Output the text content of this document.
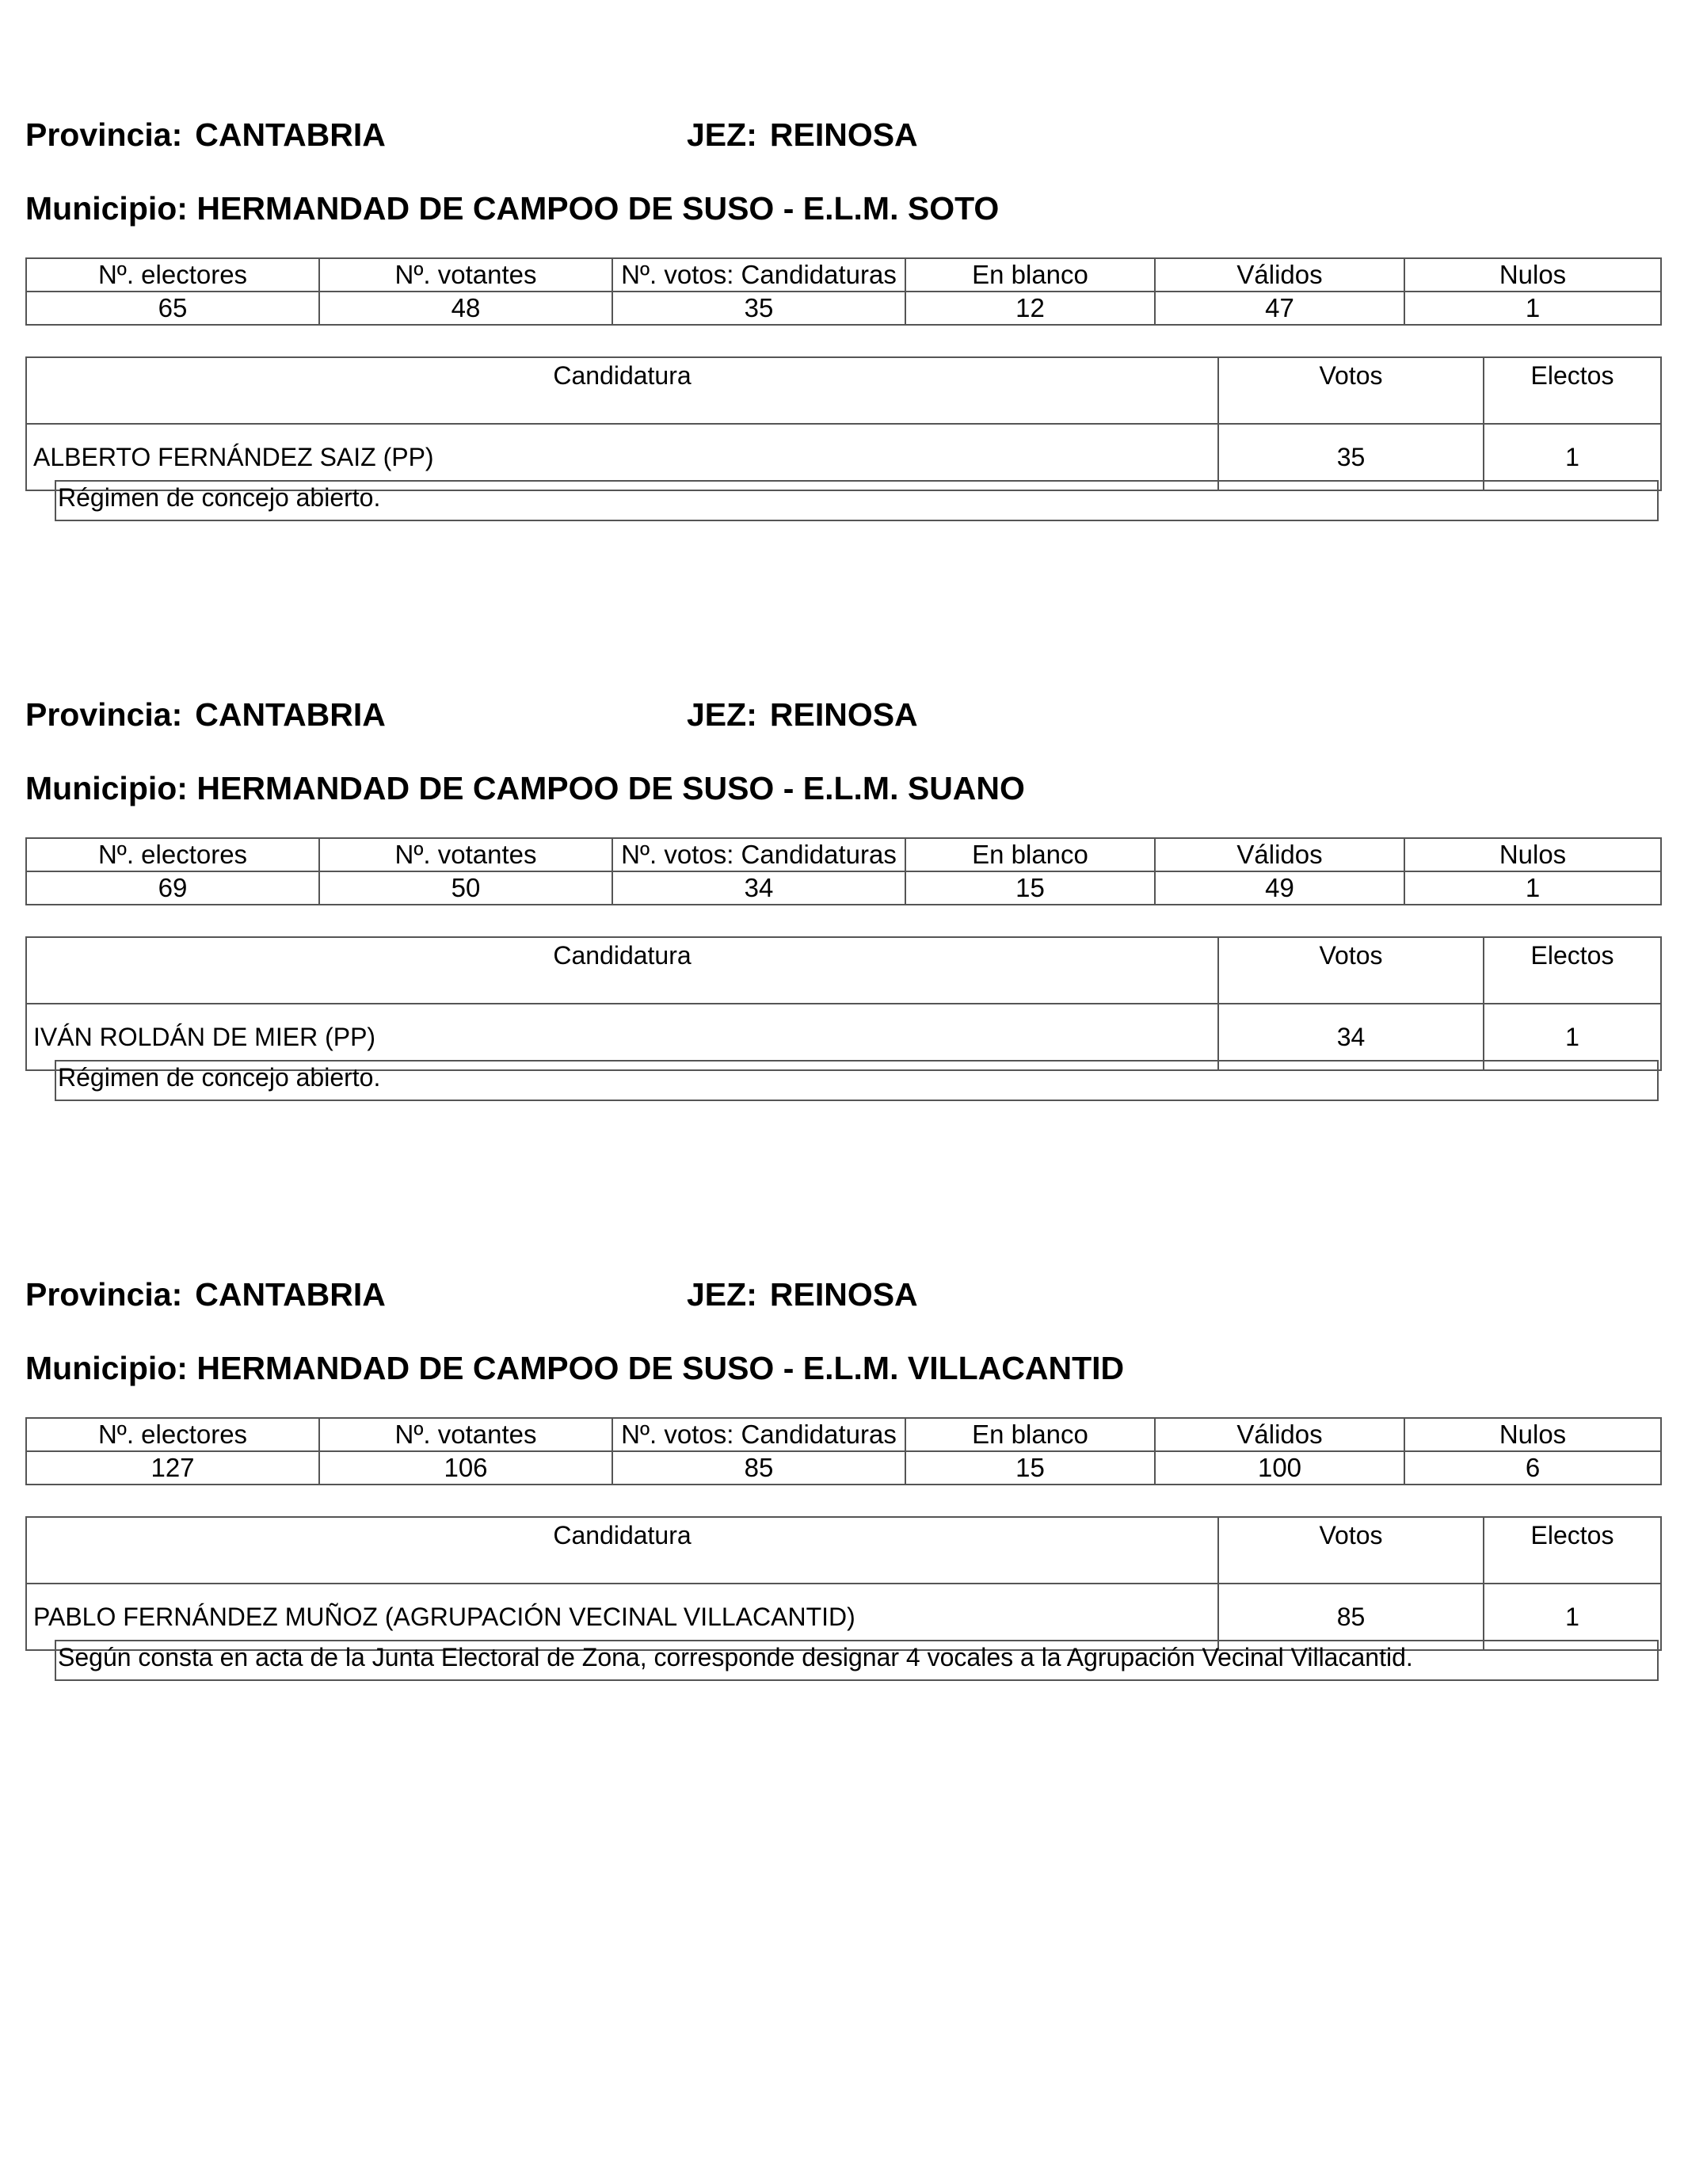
Provincia: CANTABRIA	JEZ: REINOSA
Municipio: HERMANDAD DE CAMPOO DE SUSO - E.L.M. SOTO
Nº. electores	Nº. votantes	Nº. votos: Candidaturas	En blanco	Válidos	Nulos
65	48	35	12	47	1
Candidatura	Votos	Electos
ALBERTO FERNÁNDEZ SAIZ (PP)	35	1
Régimen de concejo abierto.
Provincia: CANTABRIA	JEZ: REINOSA
Municipio: HERMANDAD DE CAMPOO DE SUSO - E.L.M. SUANO
Nº. electores	Nº. votantes	Nº. votos: Candidaturas	En blanco	Válidos	Nulos
69	50	34	15	49	1
Candidatura	Votos	Electos
IVÁN ROLDÁN DE MIER (PP)	34	1
Régimen de concejo abierto.
Provincia: CANTABRIA	JEZ: REINOSA
Municipio: HERMANDAD DE CAMPOO DE SUSO - E.L.M. VILLACANTID
Nº. electores	Nº. votantes	Nº. votos: Candidaturas	En blanco	Válidos	Nulos
127	106	85	15	100	6
Candidatura	Votos	Electos
PABLO FERNÁNDEZ MUÑOZ (AGRUPACIÓN VECINAL VILLACANTID)	85	1
Según consta en acta de la Junta Electoral de Zona, corresponde designar 4 vocales a la Agrupación Vecinal Villacantid.
